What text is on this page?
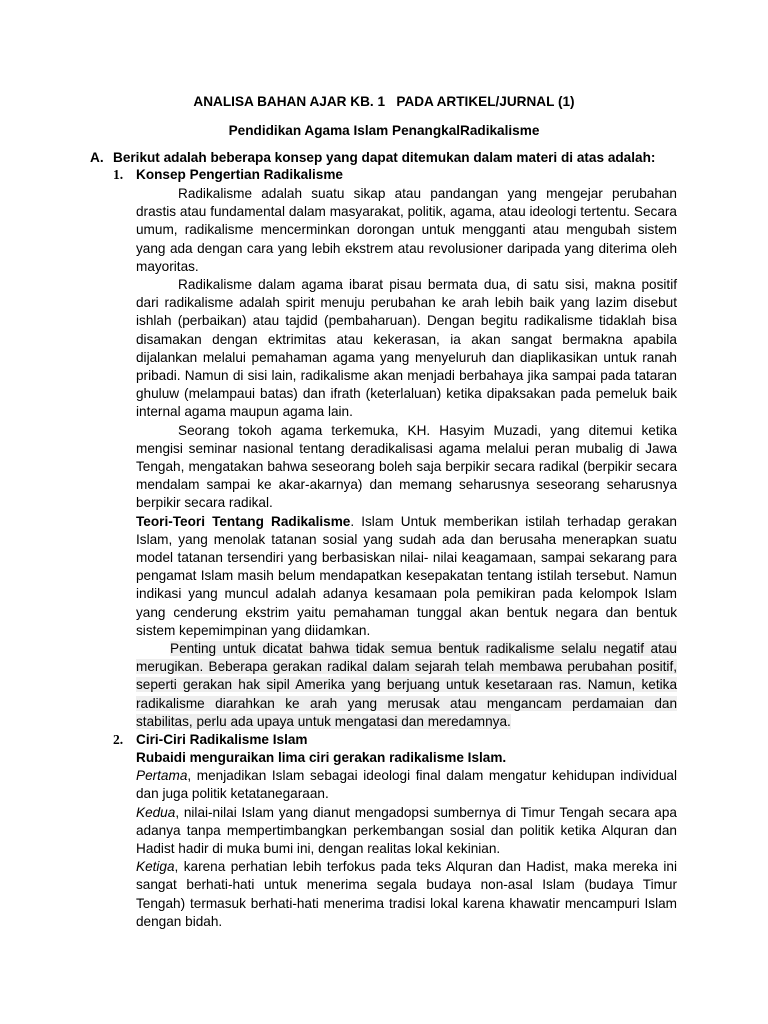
ANALISA BAHAN AJAR KB. 1   PADA ARTIKEL/JURNAL (1)
Pendidikan Agama Islam PenangkalRadikalisme
A. Berikut adalah beberapa konsep yang dapat ditemukan dalam materi di atas adalah:
1. Konsep Pengertian Radikalisme

Radikalisme adalah suatu sikap atau pandangan yang mengejar perubahan drastis atau fundamental dalam masyarakat, politik, agama, atau ideologi tertentu. Secara umum, radikalisme mencerminkan dorongan untuk mengganti atau mengubah sistem yang ada dengan cara yang lebih ekstrem atau revolusioner daripada yang diterima oleh mayoritas.

Radikalisme dalam agama ibarat pisau bermata dua, di satu sisi, makna positif dari radikalisme adalah spirit menuju perubahan ke arah lebih baik yang lazim disebut ishlah (perbaikan) atau tajdid (pembaharuan). Dengan begitu radikalisme tidaklah bisa disamakan dengan ektrimitas atau kekerasan, ia akan sangat bermakna apabila dijalankan melalui pemahaman agama yang menyeluruh dan diaplikasikan untuk ranah pribadi. Namun di sisi lain, radikalisme akan menjadi berbahaya jika sampai pada tataran ghuluw (melampaui batas) dan ifrath (keterlaluan) ketika dipaksakan pada pemeluk baik internal agama maupun agama lain.

Seorang tokoh agama terkemuka, KH. Hasyim Muzadi, yang ditemui ketika mengisi seminar nasional tentang deradikalisasi agama melalui peran mubalig di Jawa Tengah, mengatakan bahwa seseorang boleh saja berpikir secara radikal (berpikir secara mendalam sampai ke akar-akarnya) dan memang seharusnya seseorang seharusnya berpikir secara radikal.

Teori-Teori Tentang Radikalisme. Islam Untuk memberikan istilah terhadap gerakan Islam, yang menolak tatanan sosial yang sudah ada dan berusaha menerapkan suatu model tatanan tersendiri yang berbasiskan nilai- nilai keagamaan, sampai sekarang para pengamat Islam masih belum mendapatkan kesepakatan tentang istilah tersebut. Namun indikasi yang muncul adalah adanya kesamaan pola pemikiran pada kelompok Islam yang cenderung ekstrim yaitu pemahaman tunggal akan bentuk negara dan bentuk sistem kepemimpinan yang diidamkan.

Penting untuk dicatat bahwa tidak semua bentuk radikalisme selalu negatif atau merugikan. Beberapa gerakan radikal dalam sejarah telah membawa perubahan positif, seperti gerakan hak sipil Amerika yang berjuang untuk kesetaraan ras. Namun, ketika radikalisme diarahkan ke arah yang merusak atau mengancam perdamaian dan stabilitas, perlu ada upaya untuk mengatasi dan meredamnya.

2. Ciri-Ciri Radikalisme Islam

Rubaidi menguraikan lima ciri gerakan radikalisme Islam.

Pertama, menjadikan Islam sebagai ideologi final dalam mengatur kehidupan individual dan juga politik ketatanegaraan.

Kedua, nilai-nilai Islam yang dianut mengadopsi sumbernya di Timur Tengah secara apa adanya tanpa mempertimbangkan perkembangan sosial dan politik ketika Alquran dan Hadist hadir di muka bumi ini, dengan realitas lokal kekinian.

Ketiga, karena perhatian lebih terfokus pada teks Alquran dan Hadist, maka mereka ini sangat berhati-hati untuk menerima segala budaya non-asal Islam (budaya Timur Tengah) termasuk berhati-hati menerima tradisi lokal karena khawatir mencampuri Islam dengan bidah.
